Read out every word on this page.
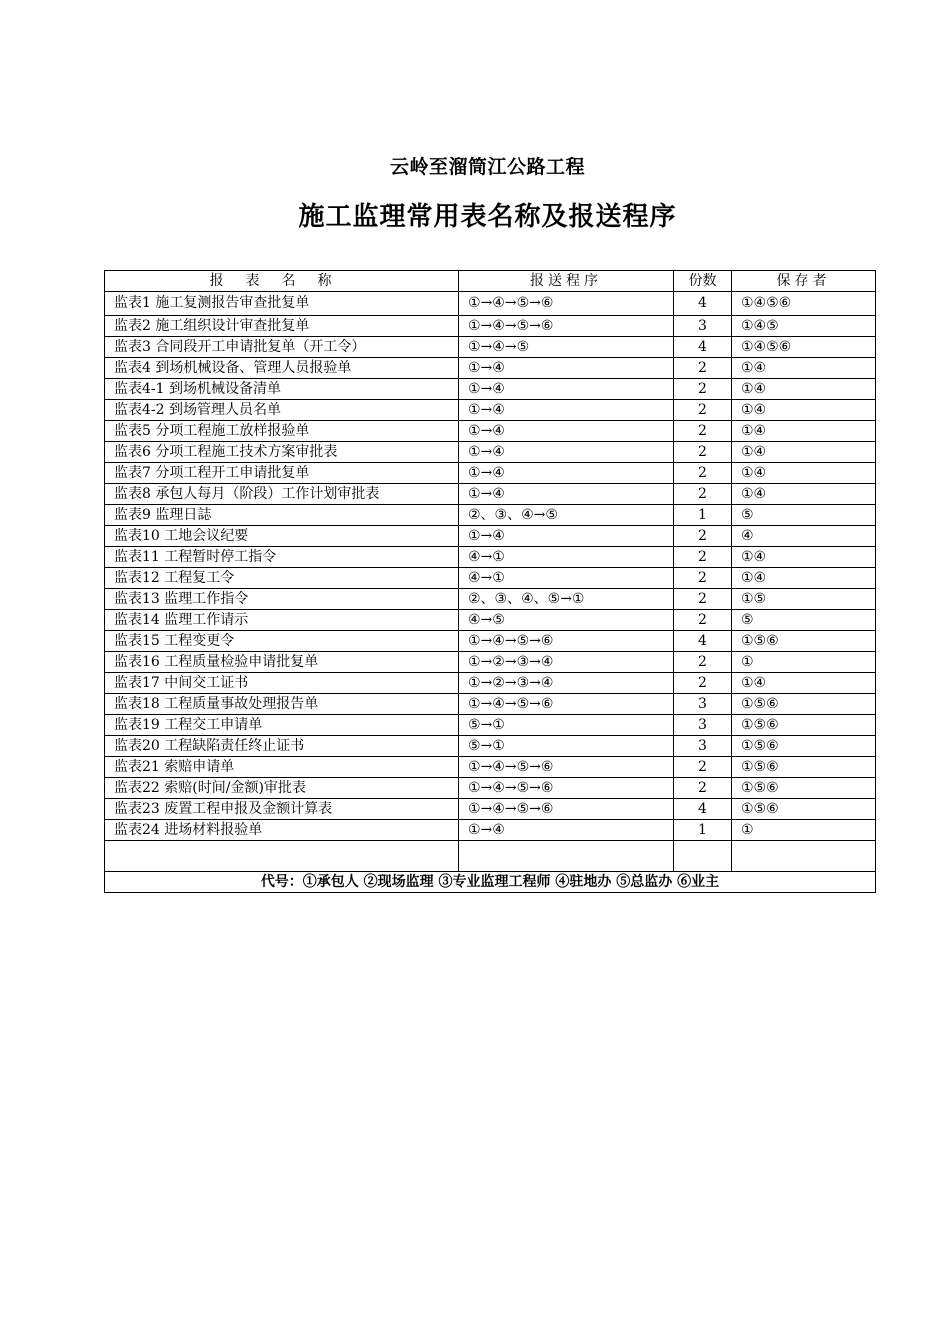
云岭至溜筒江公路工程
施工监理常用表名称及报送程序
报表名称	报送程序	份数	保存者
监表1 施工复测报告审查批复单	①→④→⑤→⑥	4	①④⑤⑥
监表2 施工组织设计审查批复单	①→④→⑤→⑥	3	①④⑤
监表3 合同段开工申请批复单（开工令）	①→④→⑤	4	①④⑤⑥
监表4 到场机械设备、管理人员报验单	①→④	2	①④
监表4-1 到场机械设备清单	①→④	2	①④
监表4-2 到场管理人员名单	①→④	2	①④
监表5 分项工程施工放样报验单	①→④	2	①④
监表6 分项工程施工技术方案审批表	①→④	2	①④
监表7 分项工程开工申请批复单	①→④	2	①④
监表8 承包人每月（阶段）工作计划审批表	①→④	2	①④
监表9 监理日誌	②、③、④→⑤	1	⑤
监表10 工地会议纪要	①→④	2	④
监表11 工程暂时停工指令	④→①	2	①④
监表12 工程复工令	④→①	2	①④
监表13 监理工作指令	②、③、④、⑤→①	2	①⑤
监表14 监理工作请示	④→⑤	2	⑤
监表15 工程变更令	①→④→⑤→⑥	4	①⑤⑥
监表16 工程质量检验申请批复单	①→②→③→④	2	①
监表17 中间交工证书	①→②→③→④	2	①④
监表18 工程质量事故处理报告单	①→④→⑤→⑥	3	①⑤⑥
监表19 工程交工申请单	⑤→①	3	①⑤⑥
监表20 工程缺陷责任终止证书	⑤→①	3	①⑤⑥
监表21 索赔申请单	①→④→⑤→⑥	2	①⑤⑥
监表22 索赔(时间/金额)审批表	①→④→⑤→⑥	2	①⑤⑥
监表23 废置工程申报及金额计算表	①→④→⑤→⑥	4	①⑤⑥
监表24 进场材料报验单	①→④	1	①

代号：①承包人 ②现场监理 ③专业监理工程师 ④驻地办 ⑤总监办 ⑥业主			
